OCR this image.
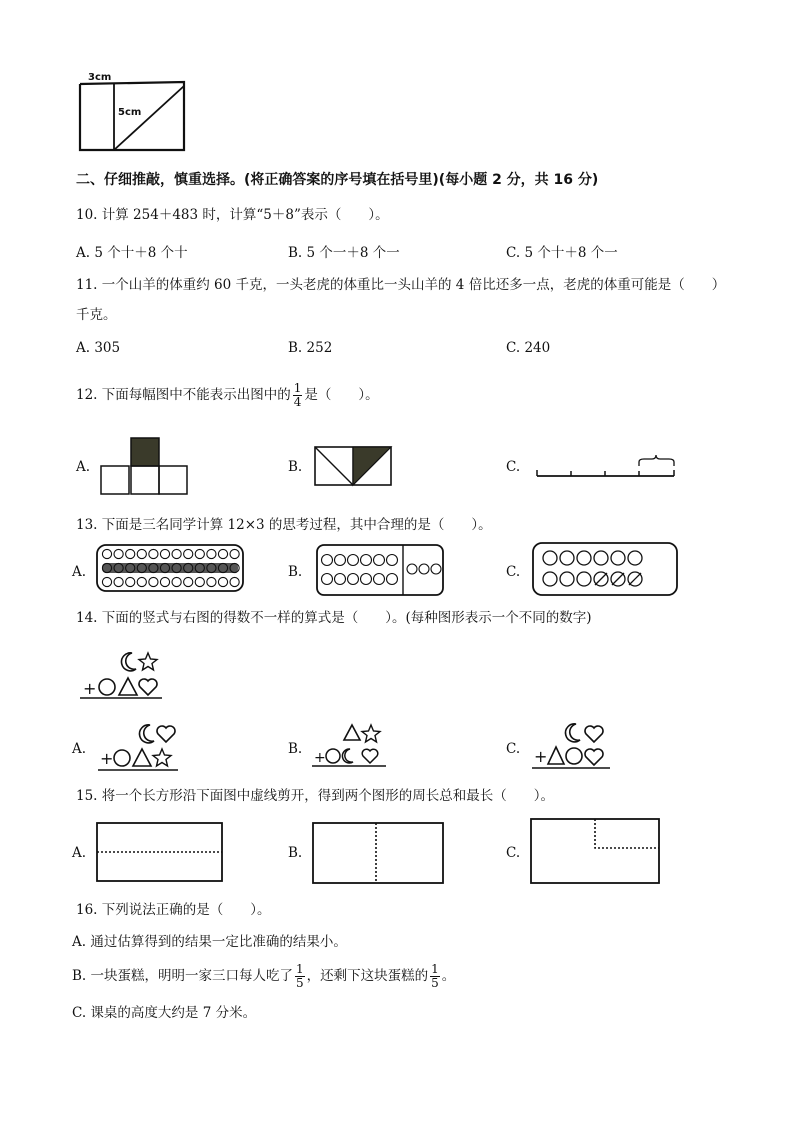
3cm
5cm
二、仔细推敲，慎重选择。(将正确答案的序号填在括号里)(每小题 2 分，共 16 分)
10. 计算 254＋483 时，计算“5＋8”表示（　　）。
A. 5 个十＋8 个十	B. 5 个一＋8 个一	C. 5 个十＋8 个一
11. 一个山羊的体重约 60 千克，一头老虎的体重比一头山羊的 4 倍比还多一点，老虎的体重可能是（　　）
千克。
A. 305	B. 252	C. 240
12. 下面每幅图中不能表示出图中的 $\frac{1}{4}$ 是（　　）。
A.	B.	C.
13. 下面是三名同学计算 12×3 的思考过程，其中合理的是（　　）。
A.	B.	C.
14. 下面的竖式与右图的得数不一样的算式是（　　）。(每种图形表示一个不同的数字)
+
A. +	B.
+
C. +
15. 将一个长方形沿下面图中虚线剪开，得到两个图形的周长总和最长（　　）。
A.	B.	C.
16. 下列说法正确的是（　　）。
A. 通过估算得到的结果一定比准确的结果小。
B. 一块蛋糕，明明一家三口每人吃了 $\frac{1}{5}$ ，还剩下这块蛋糕的 $\frac{1}{5}$ 。
C. 课桌的高度大约是 7 分米。
